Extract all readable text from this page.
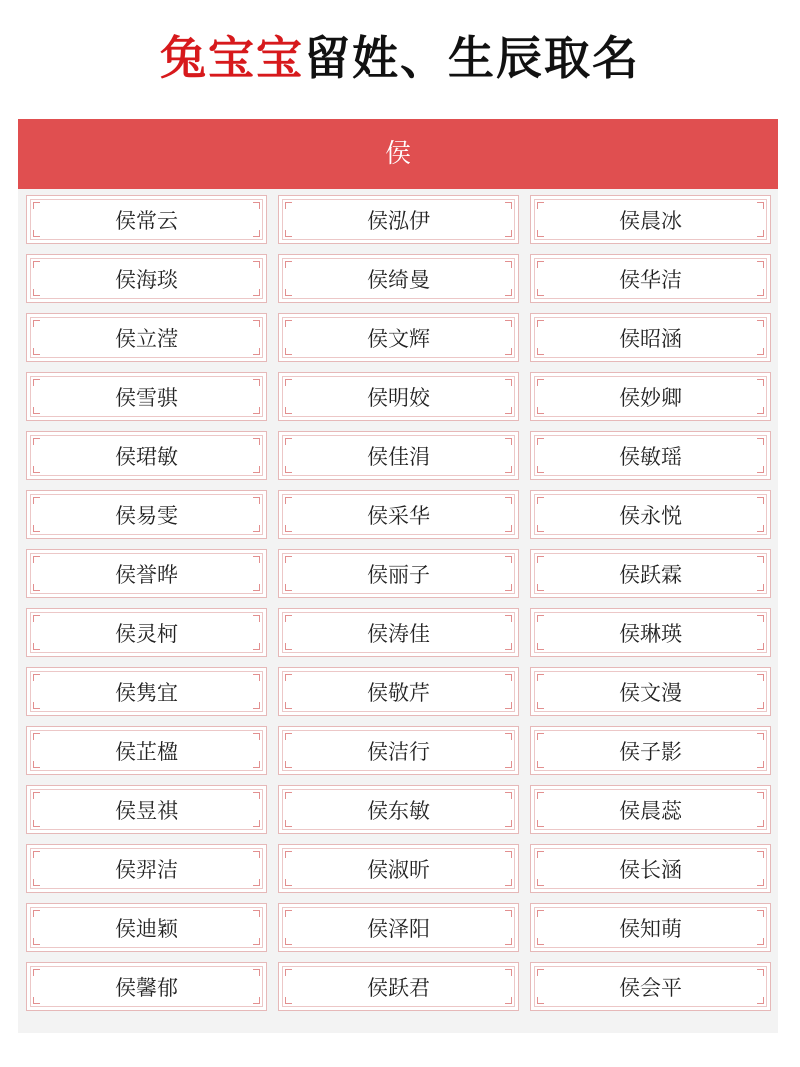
兔宝宝留姓、生辰取名
侯
侯常云	侯泓伊	侯晨冰
侯海琰	侯绮曼	侯华洁
侯立滢	侯文辉	侯昭涵
侯雪骐	侯明姣	侯妙卿
侯珺敏	侯佳涓	侯敏瑶
侯易雯	侯采华	侯永悦
侯誉晔	侯丽子	侯跃霖
侯灵柯	侯涛佳	侯琳瑛
侯隽宜	侯敬芹	侯文漫
侯芷楹	侯洁行	侯子影
侯昱祺	侯东敏	侯晨蕊
侯羿洁	侯淑昕	侯长涵
侯迪颖	侯泽阳	侯知萌
侯馨郁	侯跃君	侯会平
